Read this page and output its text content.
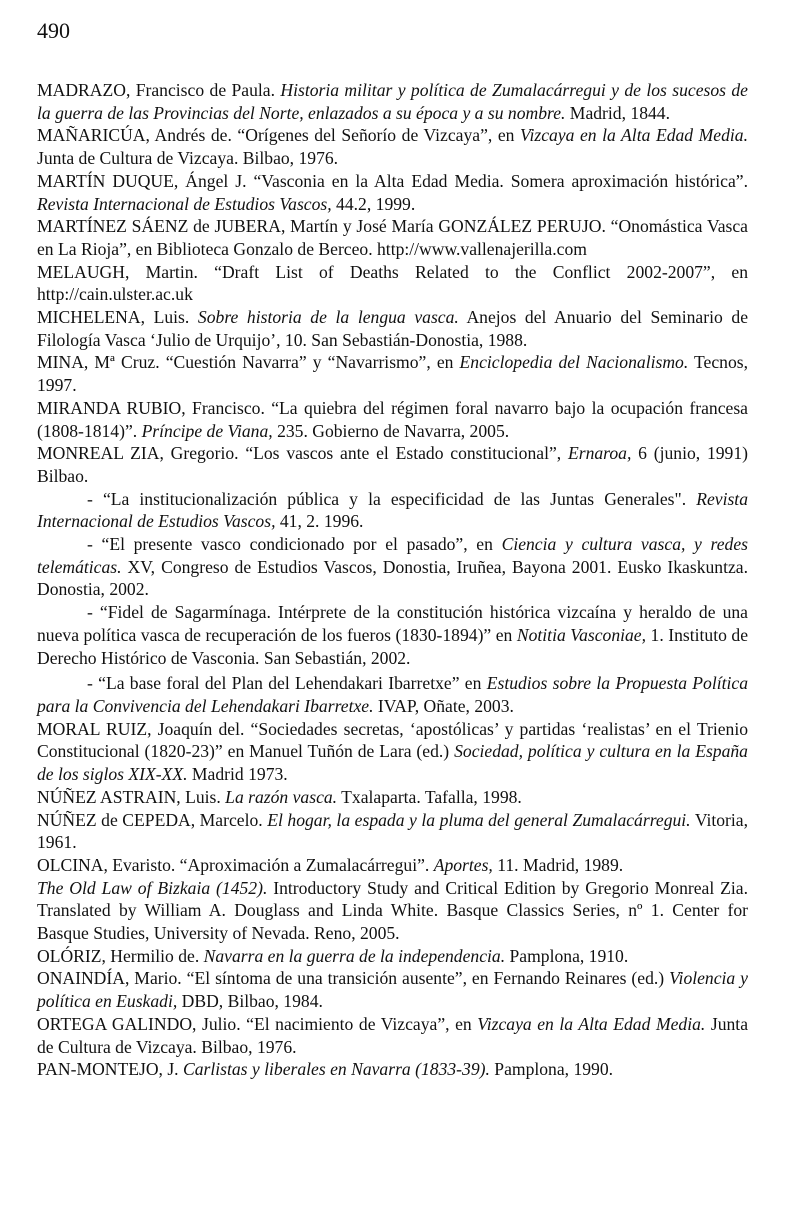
490

MADRAZO, Francisco de Paula. Historia militar y política de Zumalacárregui y de los sucesos de la guerra de las Provincias del Norte, enlazados a su época y a su nombre. Madrid, 1844.

MAÑARICÚA, Andrés de. “Orígenes del Señorío de Vizcaya”, en Vizcaya en la Alta Edad Media. Junta de Cultura de Vizcaya. Bilbao, 1976.

MARTÍN DUQUE, Ángel J. “Vasconia en la Alta Edad Media. Somera aproximación histórica”. Revista Internacional de Estudios Vascos, 44.2, 1999.

MARTÍNEZ SÁENZ de JUBERA, Martín y José María GONZÁLEZ PERUJO. “Onomástica Vasca en La Rioja”, en Biblioteca Gonzalo de Berceo. http://www.vallenajerilla.com

MELAUGH, Martin. “Draft List of Deaths Related to the Conflict 2002-2007”, en http://cain.ulster.ac.uk

MICHELENA, Luis. Sobre historia de la lengua vasca. Anejos del Anuario del Seminario de Filología Vasca ‘Julio de Urquijo’, 10. San Sebastián-Donostia, 1988.

MINA, Mª Cruz. “Cuestión Navarra” y “Navarrismo”, en Enciclopedia del Nacionalismo. Tecnos, 1997.

MIRANDA RUBIO, Francisco. “La quiebra del régimen foral navarro bajo la ocupación francesa (1808-1814)”. Príncipe de Viana, 235. Gobierno de Navarra, 2005.

MONREAL ZIA, Gregorio. “Los vascos ante el Estado constitucional”, Ernaroa, 6 (junio, 1991) Bilbao.

- “La institucionalización pública y la especificidad de las Juntas Generales". Revista Internacional de Estudios Vascos, 41, 2. 1996.

- “El presente vasco condicionado por el pasado”, en Ciencia y cultura vasca, y redes telemáticas. XV, Congreso de Estudios Vascos, Donostia, Iruñea, Bayona 2001. Eusko Ikaskuntza. Donostia, 2002.

- “Fidel de Sagarmínaga. Intérprete de la constitución histórica vizcaína y heraldo de una nueva política vasca de recuperación de los fueros (1830-1894)” en Notitia Vasconiae, 1. Instituto de Derecho Histórico de Vasconia. San Sebastián, 2002.

- “La base foral del Plan del Lehendakari Ibarretxe” en Estudios sobre la Propuesta Política para la Convivencia del Lehendakari Ibarretxe. IVAP, Oñate, 2003.

MORAL RUIZ, Joaquín del. “Sociedades secretas, ‘apostólicas’ y partidas ‘realistas’ en el Trienio Constitucional (1820-23)” en Manuel Tuñón de Lara (ed.) Sociedad, política y cultura en la España de los siglos XIX-XX. Madrid 1973.

NÚÑEZ ASTRAIN, Luis. La razón vasca. Txalaparta. Tafalla, 1998.

NÚÑEZ de CEPEDA, Marcelo. El hogar, la espada y la pluma del general Zumalacárregui. Vitoria, 1961.

OLCINA, Evaristo. “Aproximación a Zumalacárregui”. Aportes, 11. Madrid, 1989.

The Old Law of Bizkaia (1452). Introductory Study and Critical Edition by Gregorio Monreal Zia. Translated by William A. Douglass and Linda White. Basque Classics Series, nº 1. Center for Basque Studies, University of Nevada. Reno, 2005.

OLÓRIZ, Hermilio de. Navarra en la guerra de la independencia. Pamplona, 1910.

ONAINDÍA, Mario. “El síntoma de una transición ausente”, en Fernando Reinares (ed.) Violencia y política en Euskadi, DBD, Bilbao, 1984.

ORTEGA GALINDO, Julio. “El nacimiento de Vizcaya”, en Vizcaya en la Alta Edad Media. Junta de Cultura de Vizcaya. Bilbao, 1976.

PAN-MONTEJO, J. Carlistas y liberales en Navarra (1833-39). Pamplona, 1990.
